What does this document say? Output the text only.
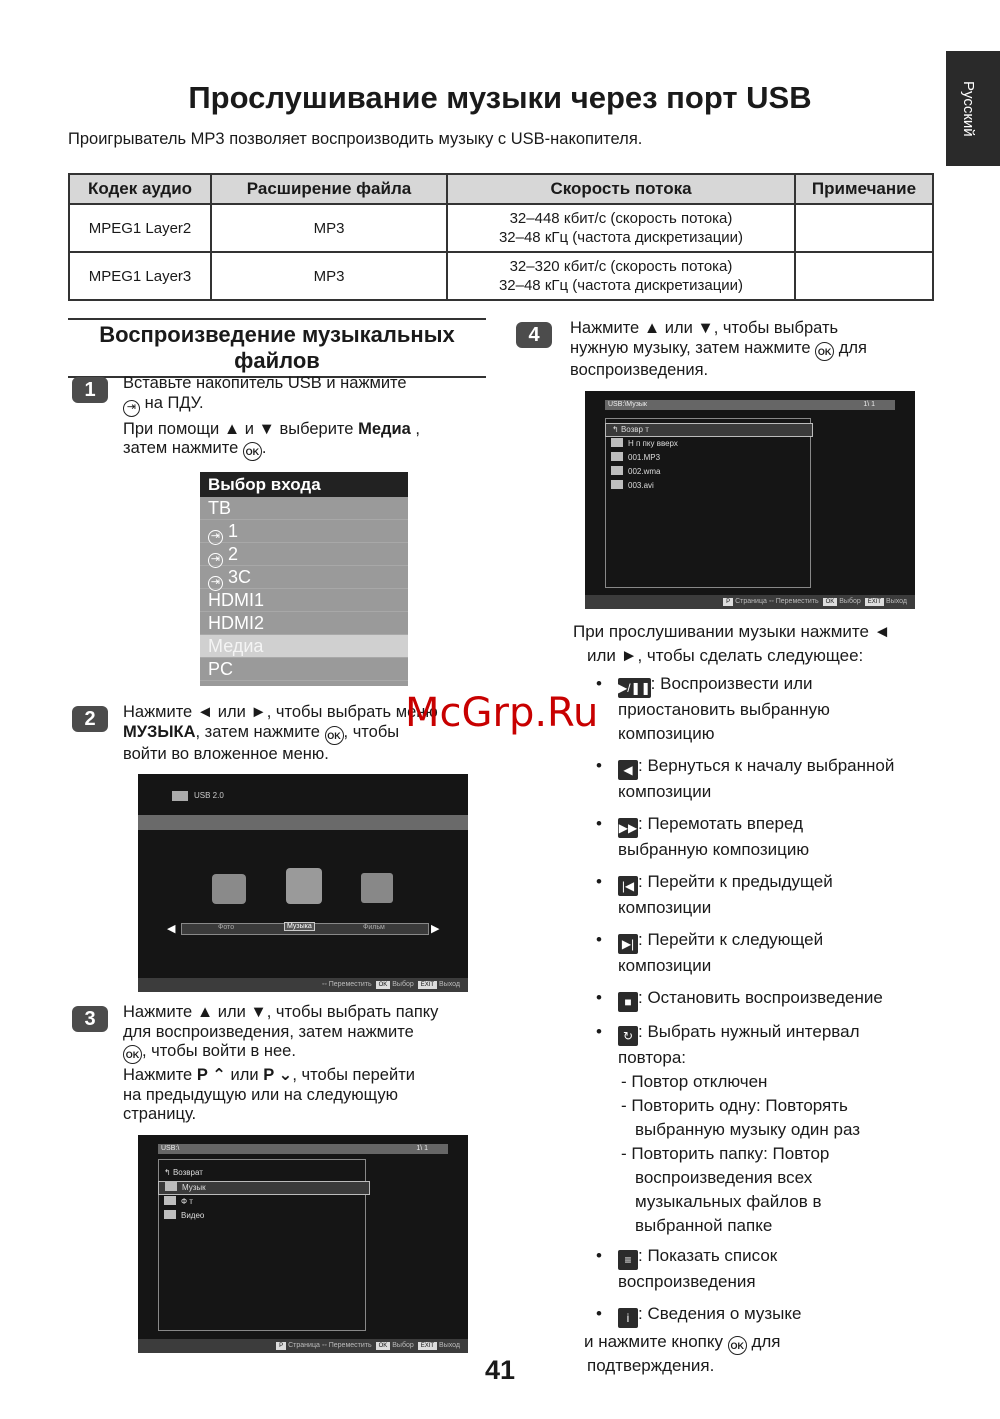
Русский
Прослушивание музыки через порт USB
Проигрыватель MP3 позволяет воспроизводить музыку с USB-накопителя.
Кодек аудио	Расширение файла	Скорость потока	Примечание
MPEG1 Layer2	MP3	32–448 кбит/с (скорость потока)
32–48 кГц (частота дискретизации)	
MPEG1 Layer3	MP3	32–320 кбит/с (скорость потока)
32–48 кГц (частота дискретизации)	
Воспроизведение музыкальных файлов
1	Вставьте накопитель USB и нажмите
⇥ на ПДУ.
При помощи ▲ и ▼ выберите Медиа ,
затем нажмите OK .
Выбор входа
ТВ
⇥ 1
⇥ 2
⇥ 3C
HDMI1
HDMI2
Медиа
PC
2	Нажмите ◄ или ►, чтобы выбрать меню
МУЗЫКА, затем нажмите OK , чтобы
войти во вложенное меню.
USB 2.0
◀	▶
Фото	Музыка	Фильм
◦◦ Переместить OK Выбор EXIT Выход
3	Нажмите ▲ или ▼, чтобы выбрать папку
для воспроизведения, затем нажмите
OK , чтобы войти в нее.
Нажмите P ⌃ или P ⌄, чтобы перейти
на предыдущую или на следующую
страницу.
USB:\	1\ 1
↰ Возврат
Музык
Ф т
Видео
P Страница ◦◦ Переместить OK Выбор EXIT Выход
4	Нажмите ▲ или ▼, чтобы выбрать
нужную музыку, затем нажмите OK для
воспроизведения.
USB:\Музык	1\ 1
↰ Возвр т
Н п пку вверх
001.MP3
002.wma
003.avi
P Страница ◦◦ Переместить OK Выбор EXIT Выход
При прослушивании музыки нажмите ◄
или ►, чтобы сделать следующее:
• ▶/❚❚: Воспроизвести или
приостановить выбранную
композицию
• ◀ : Вернуться к началу выбранной
композиции
• ▶▶: Перемотать вперед
выбранную композицию
• |◀ : Перейти к предыдущей
композиции
• ▶| : Перейти к следующей
композиции
• ■ : Остановить воспроизведение
• ↻ : Выбрать нужный интервал
повтора:
- Повтор отключен
- Повторить одну: Повторять
выбранную музыку один раз
- Повторить папку: Повтор
воспроизведения всех
музыкальных файлов в
выбранной папке
• ≡ : Показать список
воспроизведения
• i : Сведения о музыке
и нажмите кнопку OK для
подтверждения.
41
McGrp.Ru
